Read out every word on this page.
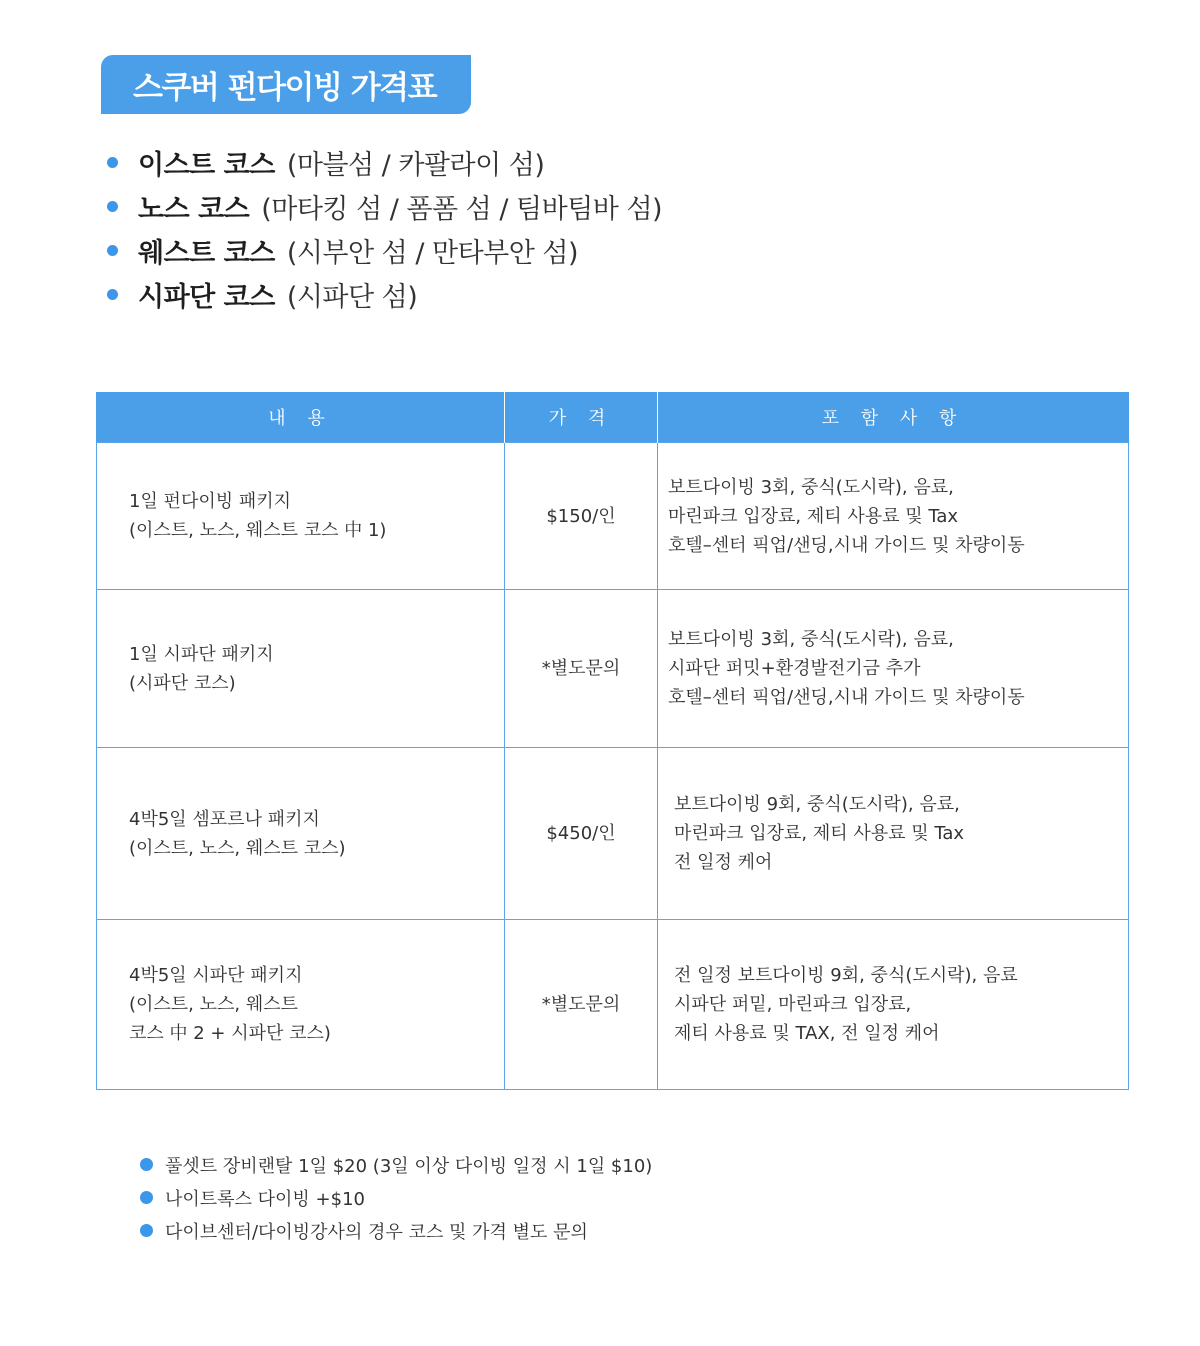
스쿠버 펀다이빙 가격표
이스트 코스 (마블섬 / 카팔라이 섬)
노스 코스 (마타킹 섬 / 폼폼 섬 / 팀바팀바 섬)
웨스트 코스 (시부안 섬 / 만타부안 섬)
시파단 코스 (시파단 섬)
내 용	가 격	포 함 사 항

1일 펀다이빙 패키지
(이스트, 노스, 웨스트 코스 中 1)	$150/인	보트다이빙 3회, 중식(도시락), 음료,
마린파크 입장료, 제티 사용료 및 Tax
호텔–센터 픽업/샌딩,시내 가이드 및 차량이동

1일 시파단 패키지
(시파단 코스)	*별도문의	보트다이빙 3회, 중식(도시락), 음료,
시파단 퍼밋+환경발전기금 추가
호텔–센터 픽업/샌딩,시내 가이드 및 차량이동

4박5일 셈포르나 패키지
(이스트, 노스, 웨스트 코스)	$450/인	보트다이빙 9회, 중식(도시락), 음료,
마린파크 입장료, 제티 사용료 및 Tax
전 일정 케어

4박5일 시파단 패키지
(이스트, 노스, 웨스트
코스 中 2 + 시파단 코스)	*별도문의	전 일정 보트다이빙 9회, 중식(도시락), 음료
시파단 퍼밑, 마린파크 입장료,
제티 사용료 및 TAX, 전 일정 케어
풀셋트 장비랜탈 1일 $20 (3일 이상 다이빙 일정 시 1일 $10)
나이트록스 다이빙 +$10
다이브센터/다이빙강사의 경우 코스 및 가격 별도 문의
